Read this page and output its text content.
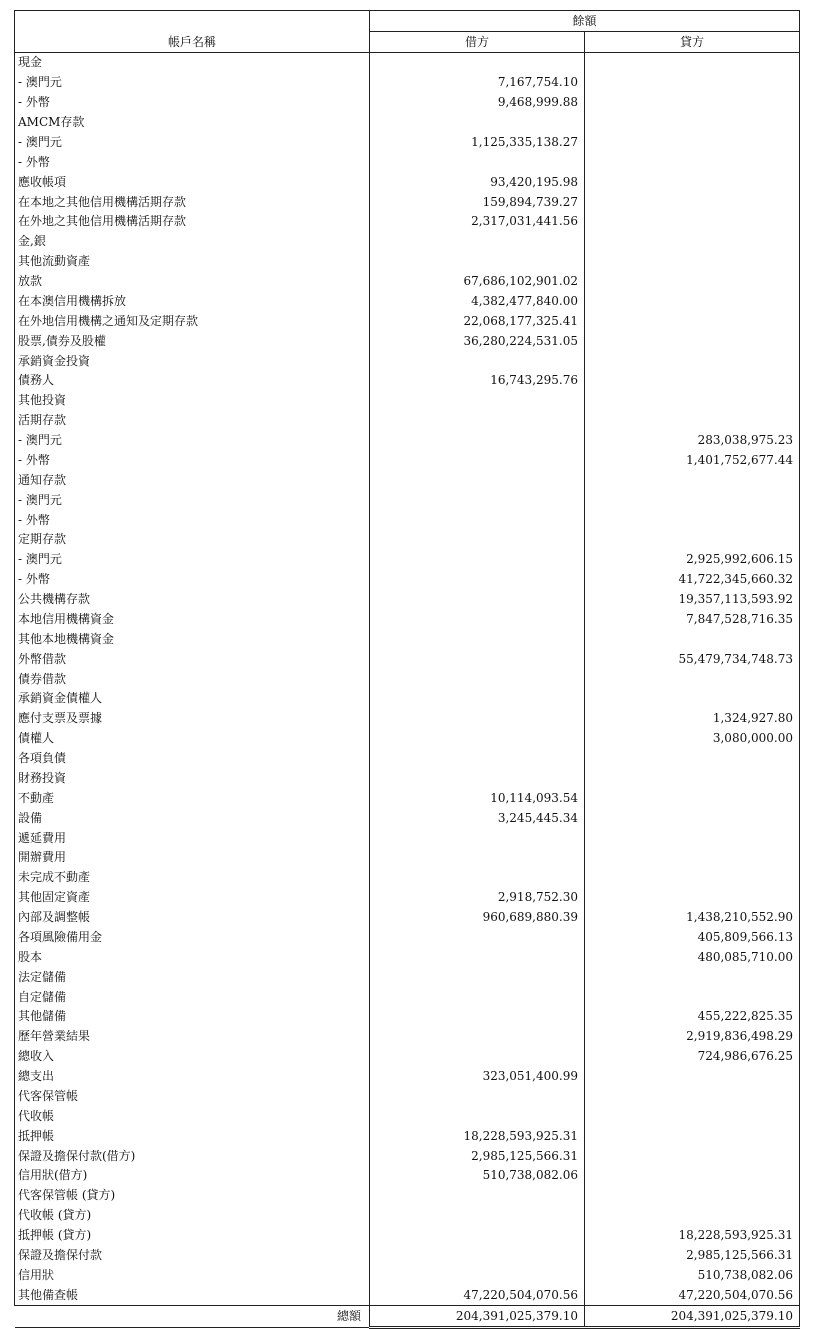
帳戶名稱	餘額	
	借方	貸方
現金		
- 澳門元	7,167,754.10	
- 外幣	9,468,999.88	
AMCM存款		
- 澳門元	1,125,335,138.27	
- 外幣		
應收帳項	93,420,195.98	
在本地之其他信用機構活期存款	159,894,739.27	
在外地之其他信用機構活期存款	2,317,031,441.56	
金,銀		
其他流動資產		
放款	67,686,102,901.02	
在本澳信用機構拆放	4,382,477,840.00	
在外地信用機構之通知及定期存款	22,068,177,325.41	
股票,債券及股權	36,280,224,531.05	
承銷資金投資		
債務人	16,743,295.76	
其他投資		
活期存款		
- 澳門元		283,038,975.23
- 外幣		1,401,752,677.44
通知存款		
- 澳門元		
- 外幣		
定期存款		
- 澳門元		2,925,992,606.15
- 外幣		41,722,345,660.32
公共機構存款		19,357,113,593.92
本地信用機構資金		7,847,528,716.35
其他本地機構資金		
外幣借款		55,479,734,748.73
債券借款		
承銷資金債權人		
應付支票及票據		1,324,927.80
債權人		3,080,000.00
各項負債		
財務投資		
不動產	10,114,093.54	
設備	3,245,445.34	
遞延費用		
開辦費用		
未完成不動產		
其他固定資產	2,918,752.30	
內部及調整帳	960,689,880.39	1,438,210,552.90
各項風險備用金		405,809,566.13
股本		480,085,710.00
法定儲備		
自定儲備		
其他儲備		455,222,825.35
歷年營業結果		2,919,836,498.29
總收入		724,986,676.25
總支出	323,051,400.99	
代客保管帳		
代收帳		
抵押帳	18,228,593,925.31	
保證及擔保付款(借方)	2,985,125,566.31	
信用狀(借方)	510,738,082.06	
代客保管帳 (貸方)		
代收帳 (貸方)		
抵押帳 (貸方)		18,228,593,925.31
保證及擔保付款		2,985,125,566.31
信用狀		510,738,082.06
其他備查帳	47,220,504,070.56	47,220,504,070.56
總額	204,391,025,379.10	204,391,025,379.10
